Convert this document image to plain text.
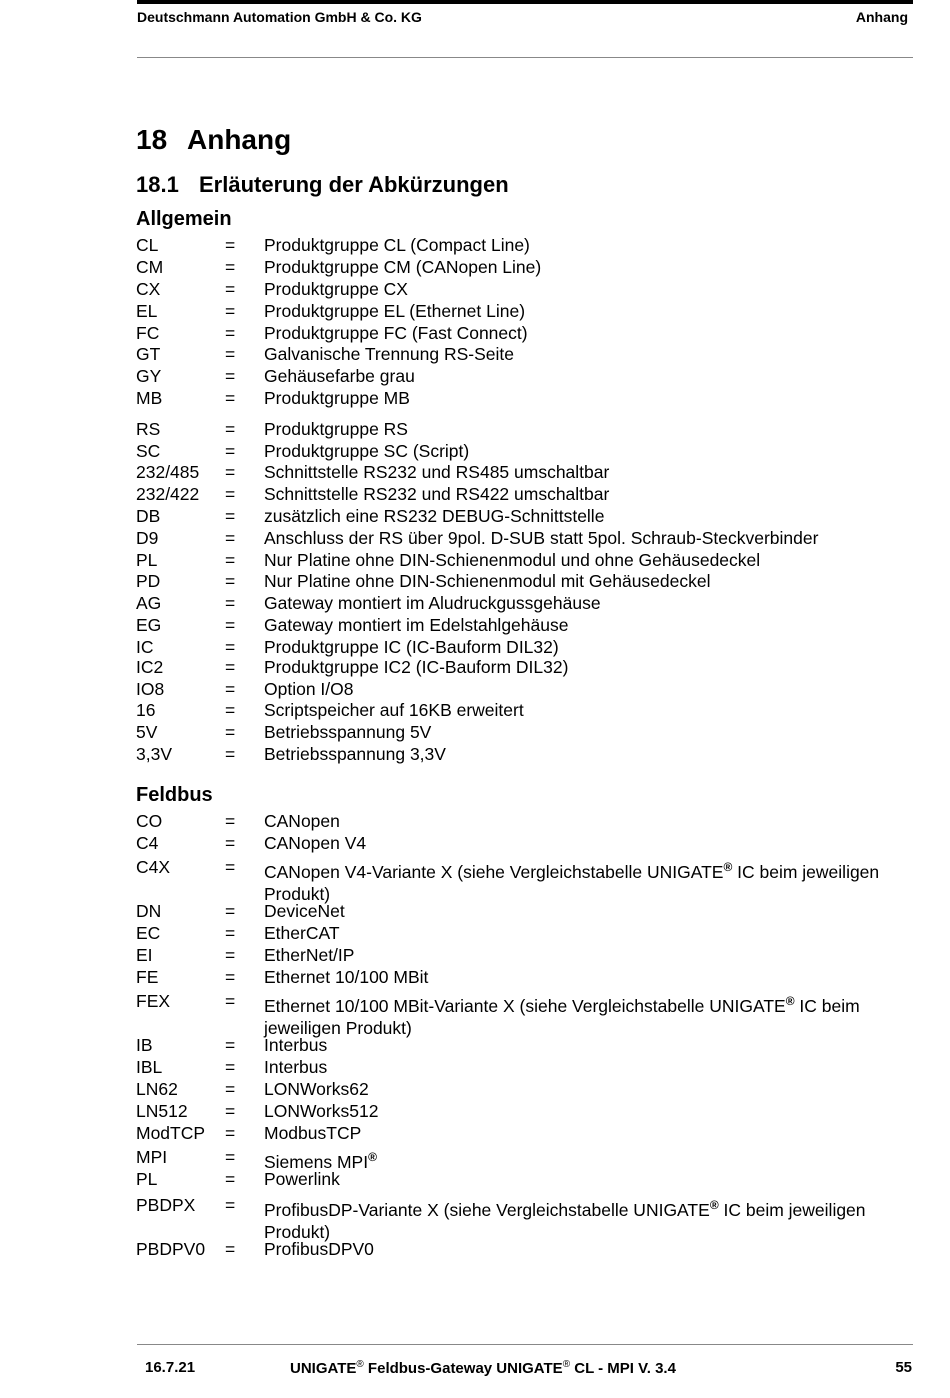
Deutschmann Automation GmbH & Co. KG	Anhang
18 Anhang
18.1 Erläuterung der Abkürzungen
Allgemein
CL	= Produktgruppe CL (Compact Line)
CM	= Produktgruppe CM (CANopen Line)
CX	= Produktgruppe CX
EL	= Produktgruppe EL (Ethernet Line)
FC	= Produktgruppe FC (Fast Connect)
GT	= Galvanische Trennung RS-Seite
GY	= Gehäusefarbe grau
MB	= Produktgruppe MB
RS	= Produktgruppe RS
SC	= Produktgruppe SC (Script)
232/485 = Schnittstelle RS232 und RS485 umschaltbar
232/422 = Schnittstelle RS232 und RS422 umschaltbar
DB	= zusätzlich eine RS232 DEBUG-Schnittstelle
D9	= Anschluss der RS über 9pol. D-SUB statt 5pol. Schraub-Steckverbinder
PL	= Nur Platine ohne DIN-Schienenmodul und ohne Gehäusedeckel
PD	= Nur Platine ohne DIN-Schienenmodul mit Gehäusedeckel
AG	= Gateway montiert im Aludruckgussgehäuse
EG	= Gateway montiert im Edelstahlgehäuse
IC	= Produktgruppe IC (IC-Bauform DIL32)
IC2	= Produktgruppe IC2 (IC-Bauform DIL32)
IO8	= Option I/O8
16	= Scriptspeicher auf 16KB erweitert
5V	= Betriebsspannung 5V
3,3V	= Betriebsspannung 3,3V
Feldbus
CO	= CANopen
C4	= CANopen V4
C4X	= CANopen V4-Variante X (siehe Vergleichstabelle UNIGATE® IC beim jeweiligen Produkt)
DN	= DeviceNet
EC	= EtherCAT
EI	= EtherNet/IP
FE	= Ethernet 10/100 MBit
FEX	= Ethernet 10/100 MBit-Variante X (siehe Vergleichstabelle UNIGATE® IC beim jeweiligen Produkt)
IB	= Interbus
IBL	= Interbus
LN62	= LONWorks62
LN512 = LONWorks512
ModTCP = ModbusTCP
MPI	= Siemens MPI®
PL	= Powerlink
PBDPX = ProfibusDP-Variante X (siehe Vergleichstabelle UNIGATE® IC beim jeweiligen Produkt)
PBDPV0 = ProfibusDPV0
16.7.21	UNIGATE® Feldbus-Gateway UNIGATE® CL - MPI V. 3.4	55
